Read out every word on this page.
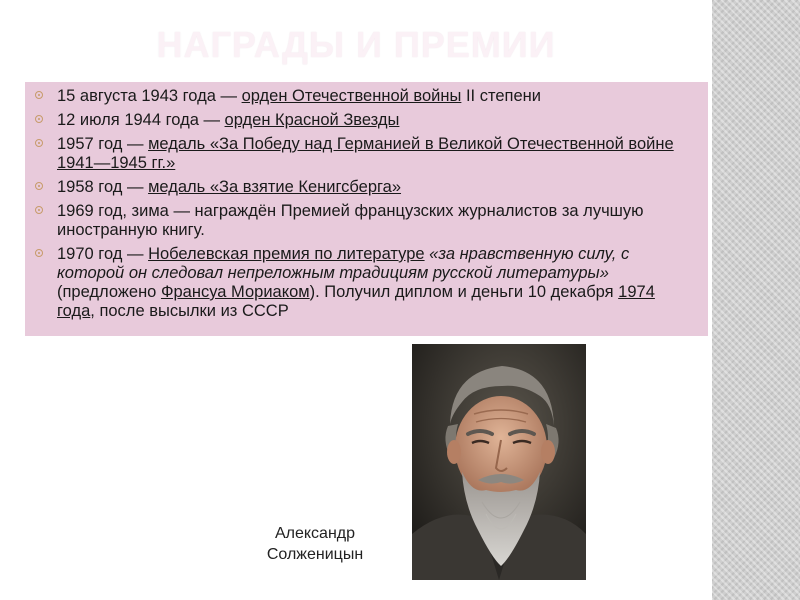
НАГРАДЫ И ПРЕМИИ
15 августа 1943 года — орден Отечественной войны II степени
12 июля 1944 года — орден Красной Звезды
1957 год — медаль «За Победу над Германией в Великой Отечественной войне 1941—1945 гг.»
1958 год — медаль «За взятие Кенигсберга»
1969 год, зима — награждён Премией французских журналистов за лучшую иностранную книгу.
1970 год — Нобелевская премия по литературе «за нравственную силу, с которой он следовал непреложным традициям русской литературы» (предложено Франсуа Мориаком). Получил диплом и деньги 10 декабря 1974 года, после высылки из СССР
Александр
Солженицын
